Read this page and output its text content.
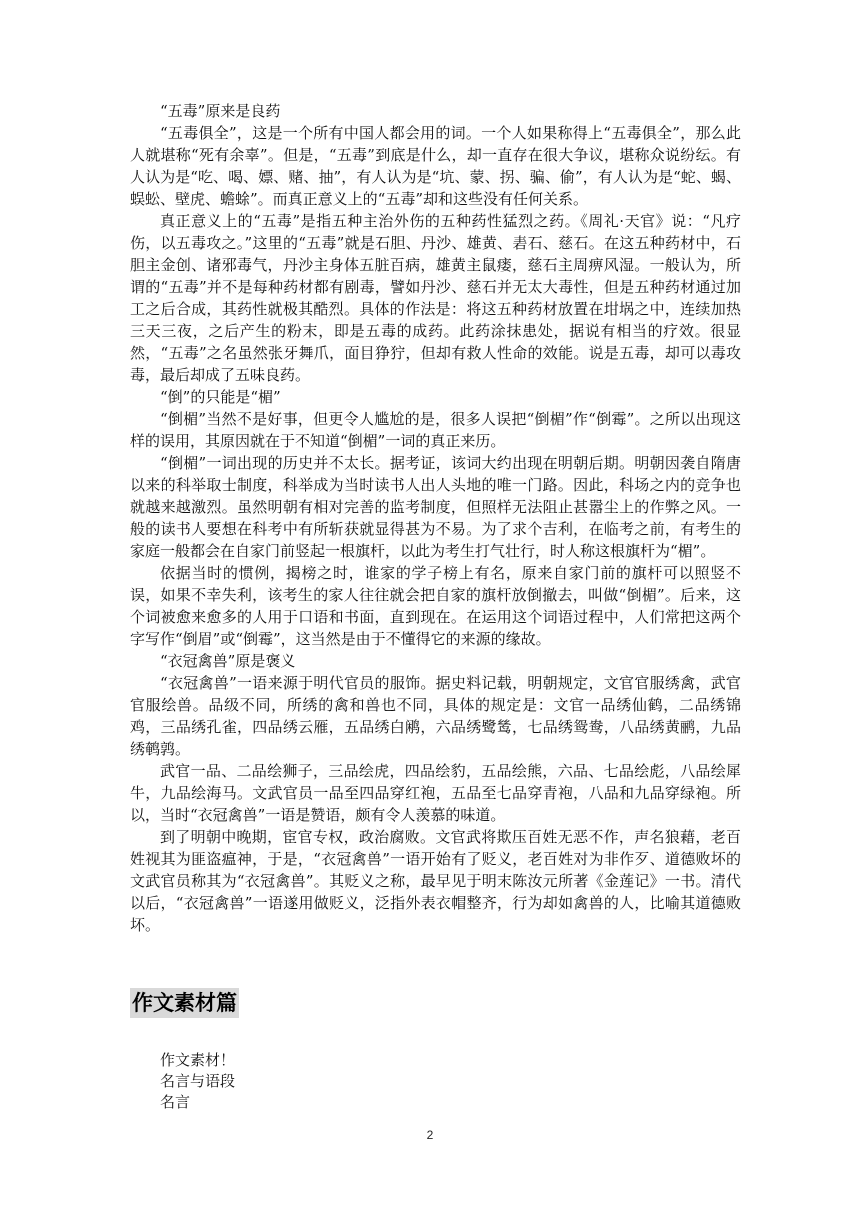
“五毒”原来是良药

“五毒俱全”，这是一个所有中国人都会用的词。一个人如果称得上“五毒俱全”，那么此人就堪称“死有余辜”。但是，“五毒”到底是什么，却一直存在很大争议，堪称众说纷纭。有人认为是“吃、喝、嫖、赌、抽”，有人认为是“坑、蒙、拐、骗、偷”，有人认为是“蛇、蝎、蜈蚣、壁虎、蟾蜍”。而真正意义上的“五毒”却和这些没有任何关系。

真正意义上的“五毒”是指五种主治外伤的五种药性猛烈之药。《周礼·天官》说：“凡疗伤，以五毒攻之。”这里的“五毒”就是石胆、丹沙、雄黄、砉石、慈石。在这五种药材中，石胆主金创、诸邪毒气，丹沙主身体五脏百病，雄黄主鼠瘘，慈石主周痹风湿。一般认为，所谓的“五毒”并不是每种药材都有剧毒，譬如丹沙、慈石并无太大毒性，但是五种药材通过加工之后合成，其药性就极其酷烈。具体的作法是：将这五种药材放置在坩埚之中，连续加热三天三夜，之后产生的粉末，即是五毒的成药。此药涂抹患处，据说有相当的疗效。很显然，“五毒”之名虽然张牙舞爪，面目狰狞，但却有救人性命的效能。说是五毒，却可以毒攻毒，最后却成了五味良药。

“倒”的只能是“楣”

“倒楣”当然不是好事，但更令人尴尬的是，很多人误把“倒楣”作“倒霉”。之所以出现这样的误用，其原因就在于不知道“倒楣”一词的真正来历。

“倒楣”一词出现的历史并不太长。据考证，该词大约出现在明朝后期。明朝因袭自隋唐以来的科举取士制度，科举成为当时读书人出人头地的唯一门路。因此，科场之内的竞争也就越来越激烈。虽然明朝有相对完善的监考制度，但照样无法阻止甚嚣尘上的作弊之风。一般的读书人要想在科考中有所斩获就显得甚为不易。为了求个吉利，在临考之前，有考生的家庭一般都会在自家门前竖起一根旗杆，以此为考生打气壮行，时人称这根旗杆为“楣”。

依据当时的惯例，揭榜之时，谁家的学子榜上有名，原来自家门前的旗杆可以照竖不误，如果不幸失利，该考生的家人往往就会把自家的旗杆放倒撤去，叫做“倒楣”。后来，这个词被愈来愈多的人用于口语和书面，直到现在。在运用这个词语过程中，人们常把这两个字写作“倒眉”或“倒霉”，这当然是由于不懂得它的来源的缘故。

“衣冠禽兽”原是褒义

“衣冠禽兽”一语来源于明代官员的服饰。据史料记载，明朝规定，文官官服绣禽，武官官服绘兽。品级不同，所绣的禽和兽也不同，具体的规定是：文官一品绣仙鹤，二品绣锦鸡，三品绣孔雀，四品绣云雁，五品绣白鹇，六品绣鹭鸶，七品绣鸳鸯，八品绣黄鹂，九品绣鹌鹑。

武官一品、二品绘狮子，三品绘虎，四品绘豹，五品绘熊，六品、七品绘彪，八品绘犀牛，九品绘海马。文武官员一品至四品穿红袍，五品至七品穿青袍，八品和九品穿绿袍。所以，当时“衣冠禽兽”一语是赞语，颇有令人羡慕的味道。

到了明朝中晚期，宦官专权，政治腐败。文官武将欺压百姓无恶不作，声名狼藉，老百姓视其为匪盗瘟神，于是，“衣冠禽兽”一语开始有了贬义，老百姓对为非作歹、道德败坏的文武官员称其为“衣冠禽兽”。其贬义之称，最早见于明末陈汝元所著《金莲记》一书。清代以后，“衣冠禽兽”一语遂用做贬义，泛指外表衣帽整齐，行为却如禽兽的人，比喻其道德败坏。

作文素材篇
作文素材！
名言与语段
名言
2
